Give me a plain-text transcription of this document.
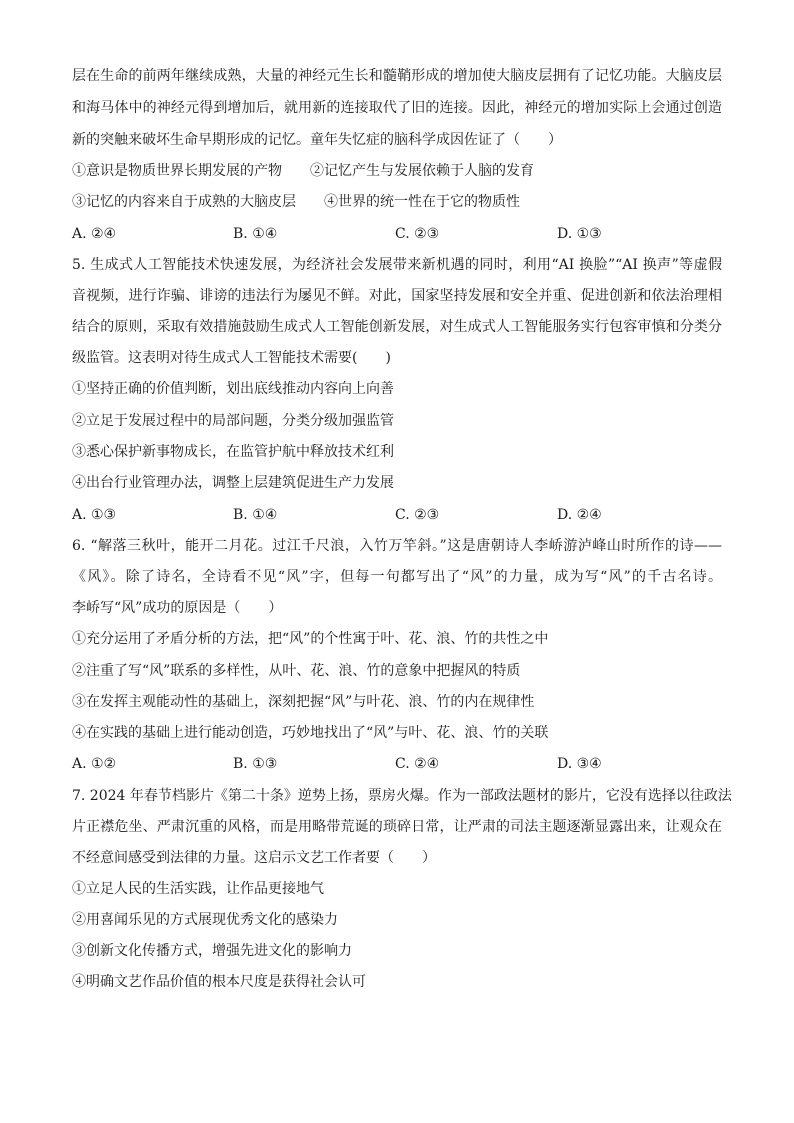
层在生命的前两年继续成熟，大量的神经元生长和髓鞘形成的增加使大脑皮层拥有了记忆功能。大脑皮层
和海马体中的神经元得到增加后，就用新的连接取代了旧的连接。因此，神经元的增加实际上会通过创造
新的突触来破坏生命早期形成的记忆。童年失忆症的脑科学成因佐证了（　　）
①意识是物质世界长期发展的产物　　②记忆产生与发展依赖于人脑的发育
③记忆的内容来自于成熟的大脑皮层　　④世界的统一性在于它的物质性
A. ②④	B. ①④	C. ②③	D. ①③
5. 生成式人工智能技术快速发展，为经济社会发展带来新机遇的同时，利用“AI 换脸”“AI 换声”等虚假
音视频，进行诈骗、诽谤的违法行为屡见不鲜。对此，国家坚持发展和安全并重、促进创新和依法治理相
结合的原则，采取有效措施鼓励生成式人工智能创新发展，对生成式人工智能服务实行包容审慎和分类分
级监管。这表明对待生成式人工智能技术需要(　　)
①坚持正确的价值判断，划出底线推动内容向上向善
②立足于发展过程中的局部问题，分类分级加强监管
③悉心保护新事物成长，在监管护航中释放技术红利
④出台行业管理办法，调整上层建筑促进生产力发展
A. ①③	B. ①④	C. ②③	D. ②④
6. “解落三秋叶，能开二月花。过江千尺浪，入竹万竿斜。”这是唐朝诗人李峤游泸峰山时所作的诗——
《风》。除了诗名，全诗看不见“风”字，但每一句都写出了“风”的力量，成为写“风”的千古名诗。
李峤写“风”成功的原因是（　　）
①充分运用了矛盾分析的方法，把“风”的个性寓于叶、花、浪、竹的共性之中
②注重了写“风”联系的多样性，从叶、花、浪、竹的意象中把握风的特质
③在发挥主观能动性的基础上，深刻把握“风”与叶花、浪、竹的内在规律性
④在实践的基础上进行能动创造，巧妙地找出了“风”与叶、花、浪、竹的关联
A. ①②	B. ①③	C. ②④	D. ③④
7. 2024 年春节档影片《第二十条》逆势上扬，票房火爆。作为一部政法题材的影片，它没有选择以往政法
片正襟危坐、严肃沉重的风格，而是用略带荒诞的琐碎日常，让严肃的司法主题逐渐显露出来，让观众在
不经意间感受到法律的力量。这启示文艺工作者要（　　）
①立足人民的生活实践，让作品更接地气
②用喜闻乐见的方式展现优秀文化的感染力
③创新文化传播方式，增强先进文化的影响力
④明确文艺作品价值的根本尺度是获得社会认可
